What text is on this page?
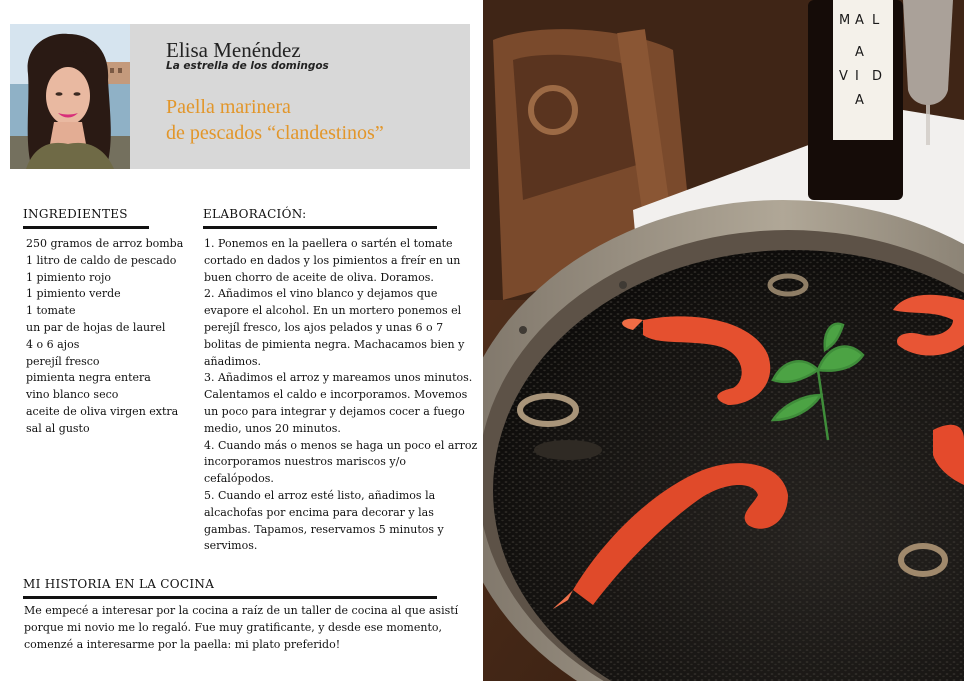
Elisa Menéndez
La estrella de los domingos
Paella marinera
de pescados “clandestinos”
INGREDIENTES
250 gramos de arroz bomba
1 litro de caldo de pescado
1 pimiento rojo
1 pimiento verde
1 tomate
un par de hojas de laurel
4 o 6 ajos
perejíl fresco
pimienta negra entera
vino blanco seco
aceite de oliva virgen extra
sal al gusto
ELABORACIÓN:
1. Ponemos en la paellera o sartén el tomate cortado en dados y los pimientos a freír en un buen chorro de aceite de oliva. Doramos.
2. Añadimos el vino blanco y dejamos que evapore el alcohol. En un mortero ponemos el perejíl fresco, los ajos pelados y unas 6 o 7 bolitas de pimienta negra. Machacamos bien y añadimos.
3. Añadimos el arroz y mareamos unos minutos. Calentamos el caldo e incorporamos. Movemos un poco para integrar y dejamos cocer a fuego medio, unos 20 minutos.
4. Cuando más o menos se haga un poco el arroz incorporamos nuestros mariscos y/o cefalópodos.
5. Cuando el arroz esté listo, añadimos la alcachofas por encima para decorar y las gambas. Tapamos, reservamos 5 minutos y servimos.
MI HISTORIA EN LA COCINA

Me empecé a interesar por la cocina a raíz de un taller de cocina al que asistí porque mi novio me lo regaló. Fue muy gratificante, y desde ese momento, comenzé a interesarme por la paella: mi plato preferido!

M A L
A
V I D
A
